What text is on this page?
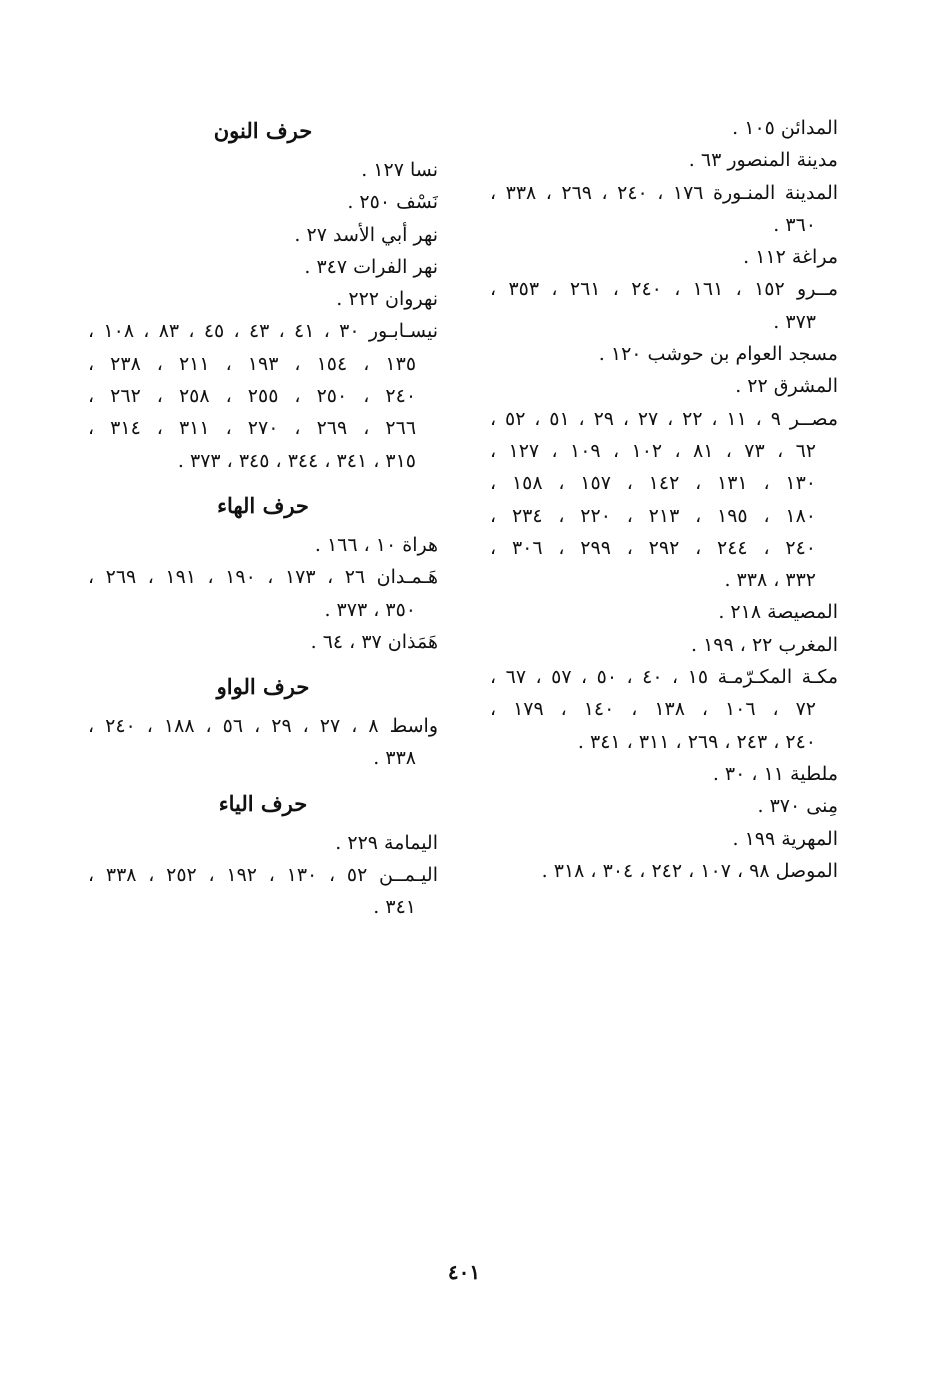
المدائن ١٠٥ .
مدينة المنصور ٦٣ .
المدينة المنـورة ١٧٦ ، ٢٤٠ ، ٢٦٩ ، ٣٣٨ ،
٣٦٠ .
مراغة ١١٢ .
مــرو ١٥٢ ، ١٦١ ، ٢٤٠ ، ٢٦١ ، ٣٥٣ ،
٣٧٣ .
مسجد العوام بن حوشب ١٢٠ .
المشرق ٢٢ .
مصــر ٩ ، ١١ ، ٢٢ ، ٢٧ ، ٢٩ ، ٥١ ، ٥٢ ،
٦٢ ، ٧٣ ، ٨١ ، ١٠٢ ، ١٠٩ ، ١٢٧ ،
١٣٠ ، ١٣١ ، ١٤٢ ، ١٥٧ ، ١٥٨ ،
١٨٠ ، ١٩٥ ، ٢١٣ ، ٢٢٠ ، ٢٣٤ ،
٢٤٠ ، ٢٤٤ ، ٢٩٢ ، ٢٩٩ ، ٣٠٦ ،
٣٣٢ ، ٣٣٨ .
المصيصة ٢١٨ .
المغرب ٢٢ ، ١٩٩ .
مكـة المكـرّمـة ١٥ ، ٤٠ ، ٥٠ ، ٥٧ ، ٦٧ ،
٧٢ ، ١٠٦ ، ١٣٨ ، ١٤٠ ، ١٧٩ ،
٢٤٠ ، ٢٤٣ ، ٢٦٩ ، ٣١١ ، ٣٤١ .
ملطية ١١ ، ٣٠ .
مِنى ٣٧٠ .
المهرية ١٩٩ .
الموصل ٩٨ ، ١٠٧ ، ٢٤٢ ، ٣٠٤ ، ٣١٨ .
حرف النون
نسا ١٢٧ .
نَسْف ٢٥٠ .
نهر أبي الأسد ٢٧ .
نهر الفرات ٣٤٧ .
نهروان ٢٢٢ .
نيسـابـور ٣٠ ، ٤١ ، ٤٣ ، ٤٥ ، ٨٣ ، ١٠٨ ،
١٣٥ ، ١٥٤ ، ١٩٣ ، ٢١١ ، ٢٣٨ ،
٢٤٠ ، ٢٥٠ ، ٢٥٥ ، ٢٥٨ ، ٢٦٢ ،
٢٦٦ ، ٢٦٩ ، ٢٧٠ ، ٣١١ ، ٣١٤ ،
٣١٥ ، ٣٤١ ، ٣٤٤ ، ٣٤٥ ، ٣٧٣ .
حرف الهاء
هراة ١٠ ، ١٦٦ .
هَـمـدان ٢٦ ، ١٧٣ ، ١٩٠ ، ١٩١ ، ٢٦٩ ،
٣٥٠ ، ٣٧٣ .
هَمَذان ٣٧ ، ٦٤ .
حرف الواو
واسط ٨ ، ٢٧ ، ٢٩ ، ٥٦ ، ١٨٨ ، ٢٤٠ ،
٣٣٨ .
حرف الياء
اليمامة ٢٢٩ .
اليـمــن ٥٢ ، ١٣٠ ، ١٩٢ ، ٢٥٢ ، ٣٣٨ ،
٣٤١ .
٤٠١
